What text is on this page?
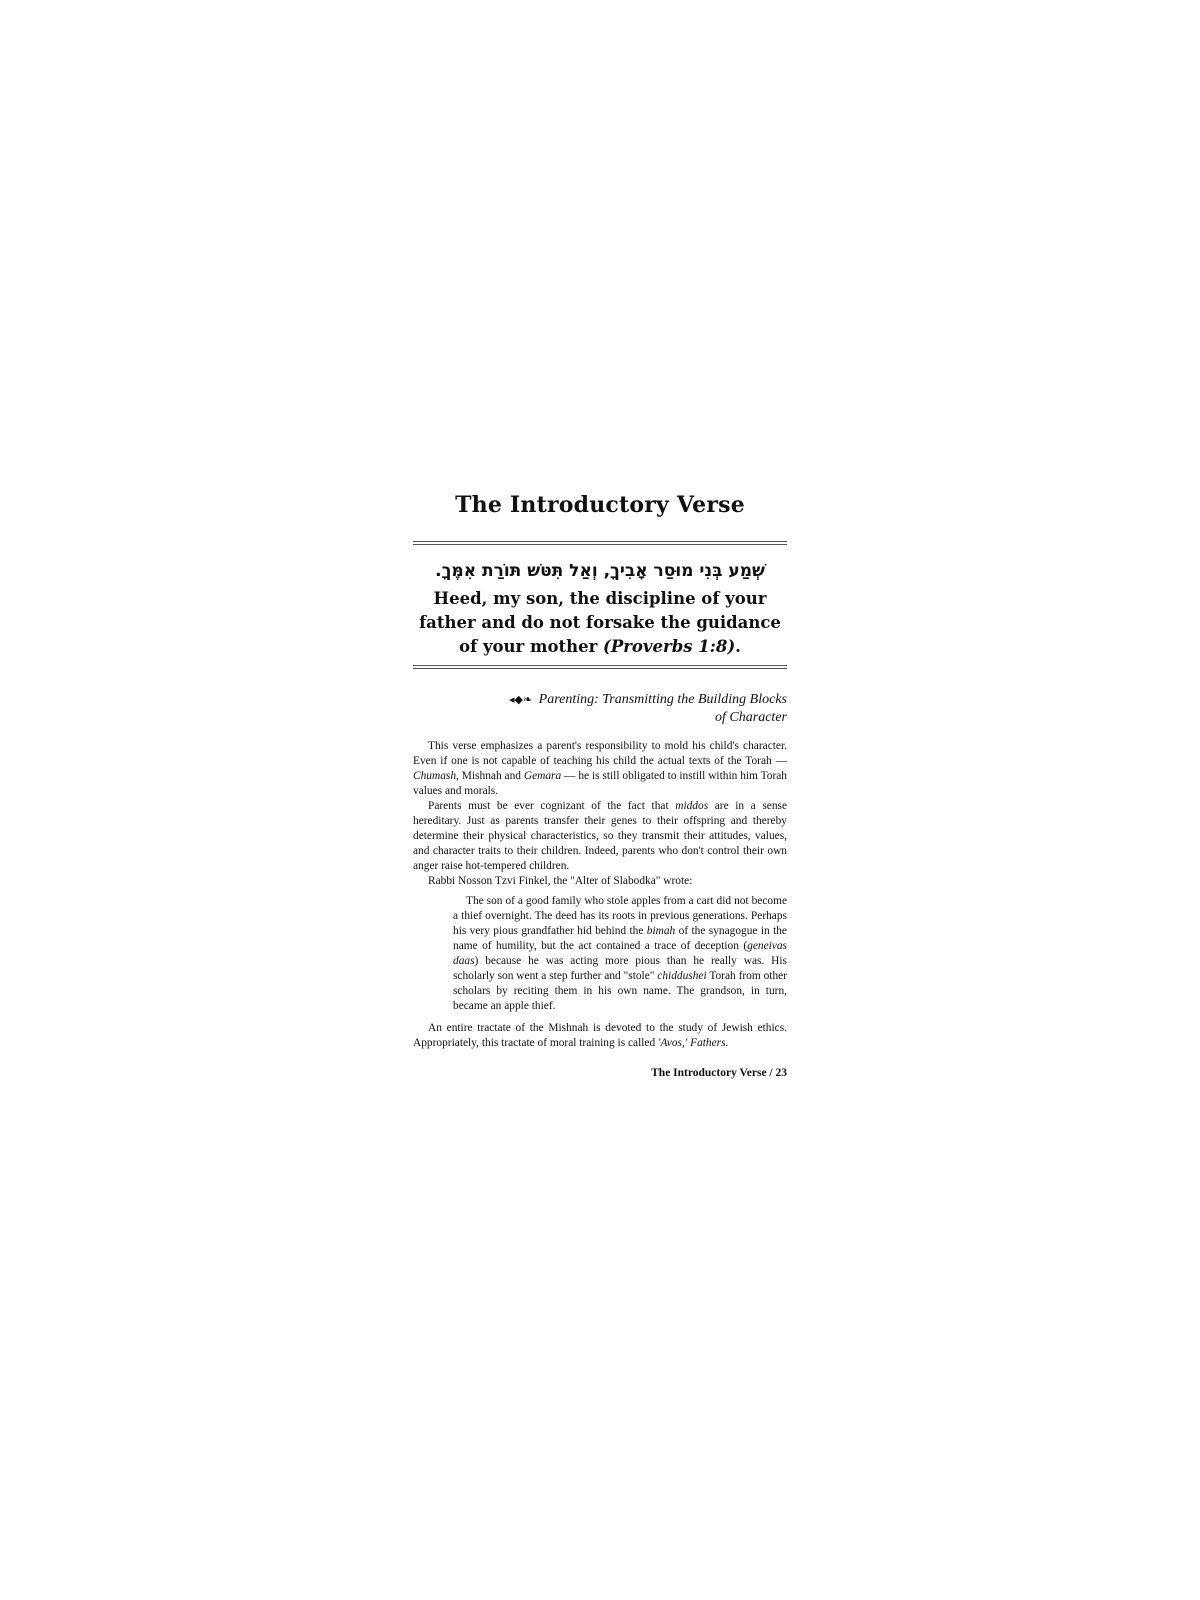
The Introductory Verse
שְׁמַע בְּנִי מוּסַר אָבִיךָ, וְאַל תִּטּשׁ תּוֹרַת אִמֶּךָ.
Heed, my son, the discipline of your father and do not forsake the guidance of your mother (Proverbs 1:8).
◂◆❧ Parenting: Transmitting the Building Blocks
of Character

This verse emphasizes a parent's responsibility to mold his child's character. Even if one is not capable of teaching his child the actual texts of the Torah — Chumash, Mishnah and Gemara — he is still obligated to instill within him Torah values and morals.

Parents must be ever cognizant of the fact that middos are in a sense hereditary. Just as parents transfer their genes to their offspring and thereby determine their physical characteristics, so they transmit their attitudes, values, and character traits to their children. Indeed, parents who don't control their own anger raise hot-tempered children.

Rabbi Nosson Tzvi Finkel, the "Alter of Slabodka" wrote:

The son of a good family who stole apples from a cart did not become a thief overnight. The deed has its roots in previous generations. Perhaps his very pious grandfather hid behind the bimah of the synagogue in the name of humility, but the act contained a trace of deception (geneivas daas) because he was acting more pious than he really was. His scholarly son went a step further and "stole" chiddushei Torah from other scholars by reciting them in his own name. The grandson, in turn, became an apple thief.

An entire tractate of the Mishnah is devoted to the study of Jewish ethics. Appropriately, this tractate of moral training is called 'Avos,' Fathers.

The Introductory Verse / 23
